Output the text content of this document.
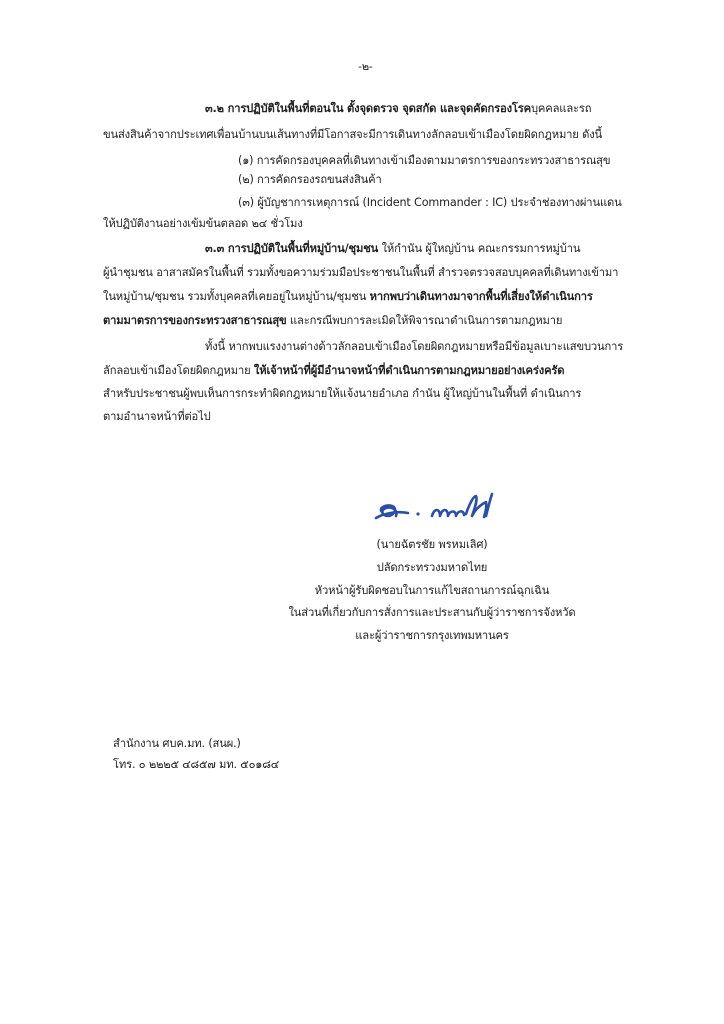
-๒-
๓.๒ การปฏิบัติในพื้นที่ตอนใน ตั้งจุดตรวจ จุดสกัด และจุดคัดกรองโรคบุคคลและรถ
ขนส่งสินค้าจากประเทศเพื่อนบ้านบนเส้นทางที่มีโอกาสจะมีการเดินทางลักลอบเข้าเมืองโดยผิดกฎหมาย ดังนี้
(๑) การคัดกรองบุคคลที่เดินทางเข้าเมืองตามมาตรการของกระทรวงสาธารณสุข
(๒) การคัดกรองรถขนส่งสินค้า
(๓) ผู้บัญชาการเหตุการณ์ (Incident Commander : IC) ประจำช่องทางผ่านแดน
ให้ปฏิบัติงานอย่างเข้มข้นตลอด ๒๔ ชั่วโมง
๓.๓ การปฏิบัติในพื้นที่หมู่บ้าน/ชุมชน ให้กำนัน ผู้ใหญ่บ้าน คณะกรรมการหมู่บ้าน
ผู้นำชุมชน อาสาสมัครในพื้นที่ รวมทั้งขอความร่วมมือประชาชนในพื้นที่ สำรวจตรวจสอบบุคคลที่เดินทางเข้ามา
ในหมู่บ้าน/ชุมชน รวมทั้งบุคคลที่เคยอยู่ในหมู่บ้าน/ชุมชน หากพบว่าเดินทางมาจากพื้นที่เสี่ยงให้ดำเนินการ
ตามมาตรการของกระทรวงสาธารณสุข และกรณีพบการละเมิดให้พิจารณาดำเนินการตามกฎหมาย
ทั้งนี้ หากพบแรงงานต่างด้าวลักลอบเข้าเมืองโดยผิดกฎหมายหรือมีข้อมูลเบาะแสขบวนการ
ลักลอบเข้าเมืองโดยผิดกฎหมาย ให้เจ้าหน้าที่ผู้มีอำนาจหน้าที่ดำเนินการตามกฎหมายอย่างเคร่งครัด
สำหรับประชาชนผู้พบเห็นการกระทำผิดกฎหมายให้แจ้งนายอำเภอ กำนัน ผู้ใหญ่บ้านในพื้นที่ ดำเนินการ
ตามอำนาจหน้าที่ต่อไป
(นายฉัตรชัย พรหมเลิศ)
ปลัดกระทรวงมหาดไทย
หัวหน้าผู้รับผิดชอบในการแก้ไขสถานการณ์ฉุกเฉิน
ในส่วนที่เกี่ยวกับการสั่งการและประสานกับผู้ว่าราชการจังหวัด
และผู้ว่าราชการกรุงเทพมหานคร
สำนักงาน ศบค.มท. (สนผ.)
โทร. ๐ ๒๒๒๕ ๔๘๕๗ มท. ๕๐๑๘๔
